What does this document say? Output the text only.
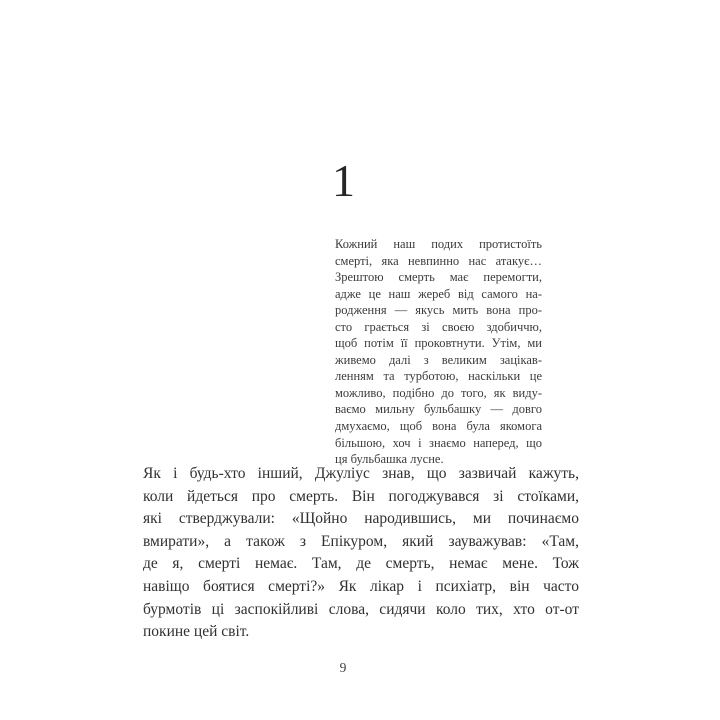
1
Кожний наш подих протистоїть
смерті, яка невпинно нас атакує…
Зрештою смерть має перемогти,
адже це наш жереб від самого на-
родження — якусь мить вона про-
сто грається зі своєю здобиччю,
щоб потім її проковтнути. Утім, ми
живемо далі з великим зацікав-
ленням та турботою, наскільки це
можливо, подібно до того, як виду-
ваємо мильну бульбашку — довго
дмухаємо, щоб вона була якомога
більшою, хоч і знаємо наперед, що
ця бульбашка лусне.
Як і будь-хто інший, Джуліус знав, що зазвичай кажуть,
коли йдеться про смерть. Він погоджувався зі стоїками,
які стверджували: «Щойно народившись, ми починаємо
вмирати», а також з Епікуром, який зауважував: «Там,
де я, смерті немає. Там, де смерть, немає мене. Тож
навіщо боятися смерті?» Як лікар і психіатр, він часто
бурмотів ці заспокійливі слова, сидячи коло тих, хто от-от
покине цей світ.
9
